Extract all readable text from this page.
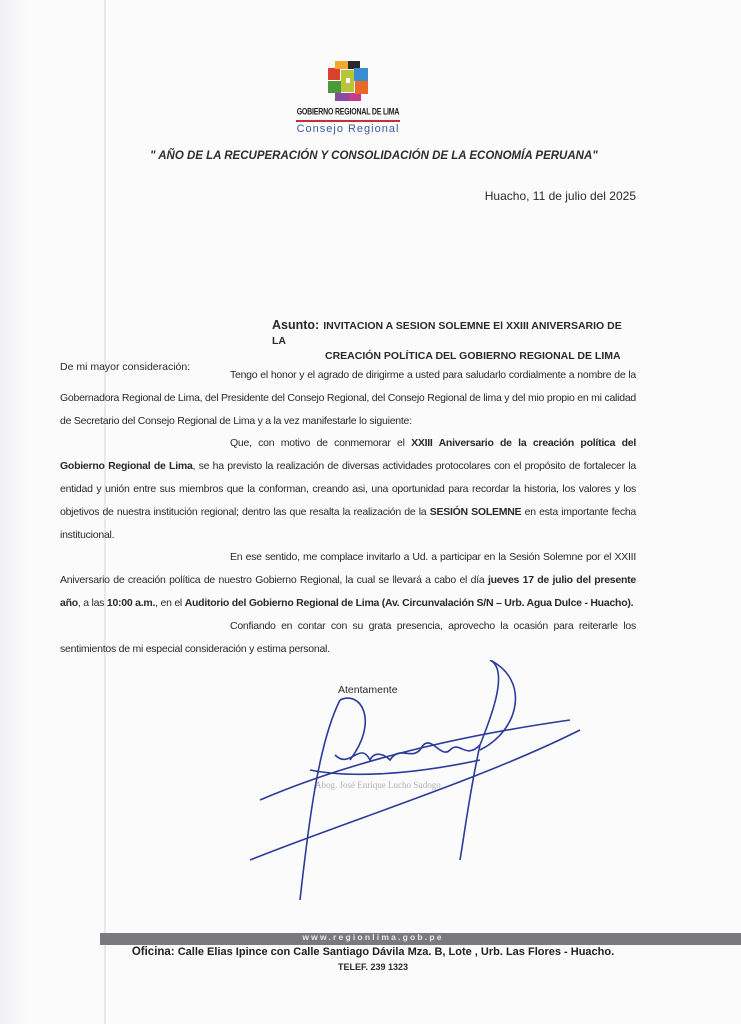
GOBIERNO REGIONAL DE LIMA
Consejo Regional
" AÑO DE LA RECUPERACIÓN Y CONSOLIDACIÓN DE LA ECONOMÍA PERUANA"
Huacho, 11 de julio del 2025
Asunto: INVITACION A SESION SOLEMNE El XXIII ANIVERSARIO DE LA
CREACIÓN POLÍTICA DEL GOBIERNO REGIONAL DE LIMA
De mi mayor consideración:

Tengo el honor y el agrado de dirigirme a usted para saludarlo cordialmente a nombre de la Gobernadora Regional de Lima, del Presidente del Consejo Regional, del Consejo Regional de lima y del mio propio en mi calidad de Secretario del Consejo Regional de Lima y a la vez manifestarle lo siguiente:

Que, con motivo de conmemorar el XXIII Aniversario de la creación política del Gobierno Regional de Lima, se ha previsto la realización de diversas actividades protocolares con el propósito de fortalecer la entidad y unión entre sus miembros que la conforman, creando asi, una oportunidad para recordar la historia, los valores y los objetivos de nuestra institución regional; dentro las que resalta la realización de la SESIÓN SOLEMNE en esta importante fecha institucional.

En ese sentido, me complace invitarlo a Ud. a participar en la Sesión Solemne por el XXIII Aniversario de creación política de nuestro Gobierno Regional, la cual se llevará a cabo el día jueves 17 de julio del presente año, a las 10:00 a.m., en el Auditorio del Gobierno Regional de Lima (Av. Circunvalación S/N – Urb. Agua Dulce - Huacho).

Confiando en contar con su grata presencia, aprovecho la ocasión para reiterarle los sentimientos de mi especial consideración y estima personal.

Atentamente
Abog. José Enrique Lucho Sudogo
www.regionlima.gob.pe
Oficina: Calle Elias Ipince con Calle Santiago Dávila Mza. B, Lote , Urb. Las Flores - Huacho.
TELEF. 239 1323
